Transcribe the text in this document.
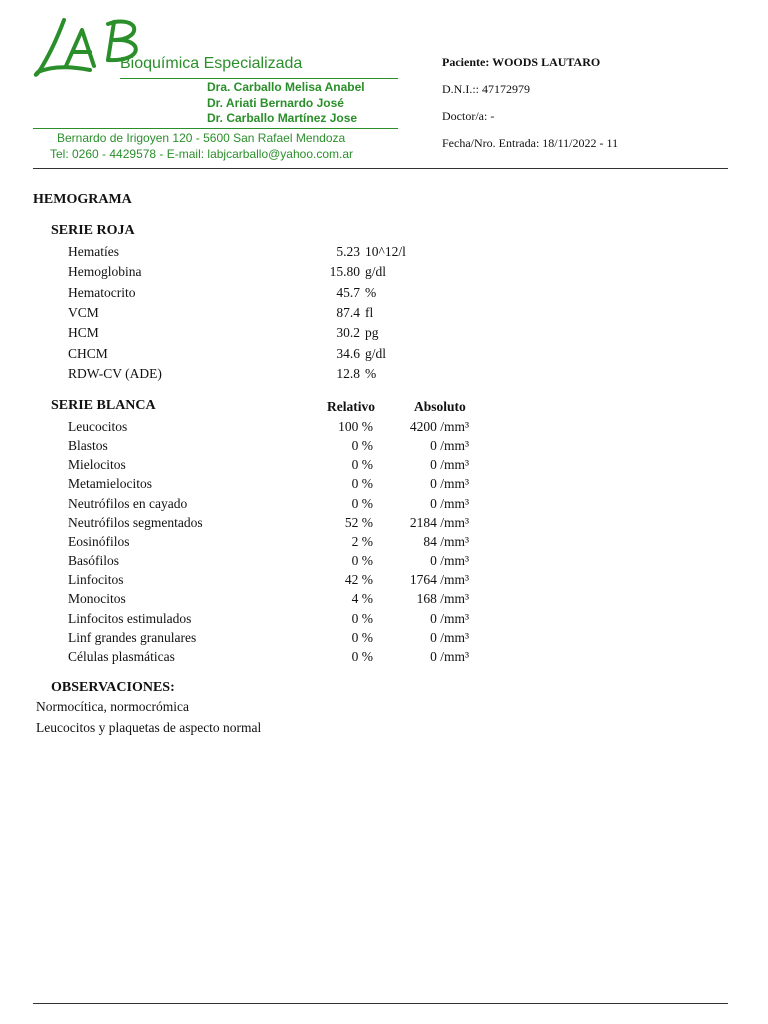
Bioquímica Especializada
Dra. Carballo Melisa Anabel
Dr. Ariati Bernardo José
Dr. Carballo Martínez Jose
Bernardo de Irigoyen 120 - 5600 San Rafael Mendoza
Tel: 0260 - 4429578 - E-mail: labjcarballo@yahoo.com.ar
Paciente: WOODS LAUTARO
D.N.I.:: 47172979
Doctor/a: -
Fecha/Nro. Entrada: 18/11/2022 - 11
HEMOGRAMA
SERIE ROJA
Hematíes	5.23 10^12/l
Hemoglobina	15.80 g/dl
Hematocrito	45.7 %
VCM	87.4 fl
HCM	30.2 pg
CHCM	34.6 g/dl
RDW-CV (ADE)	12.8 %
SERIE BLANCA	Relativo	Absoluto
Leucocitos	100 %	4200 /mm³
Blastos	0 %	0 /mm³
Mielocitos	0 %	0 /mm³
Metamielocitos	0 %	0 /mm³
Neutrófilos en cayado	0 %	0 /mm³
Neutrófilos segmentados	52 %	2184 /mm³
Eosinófilos	2 %	84 /mm³
Basófilos	0 %	0 /mm³
Linfocitos	42 %	1764 /mm³
Monocitos	4 %	168 /mm³
Linfocitos estimulados	0 %	0 /mm³
Linf grandes granulares	0 %	0 /mm³
Células plasmáticas	0 %	0 /mm³
OBSERVACIONES:
Normocítica, normocrómica
Leucocitos y plaquetas de aspecto normal
